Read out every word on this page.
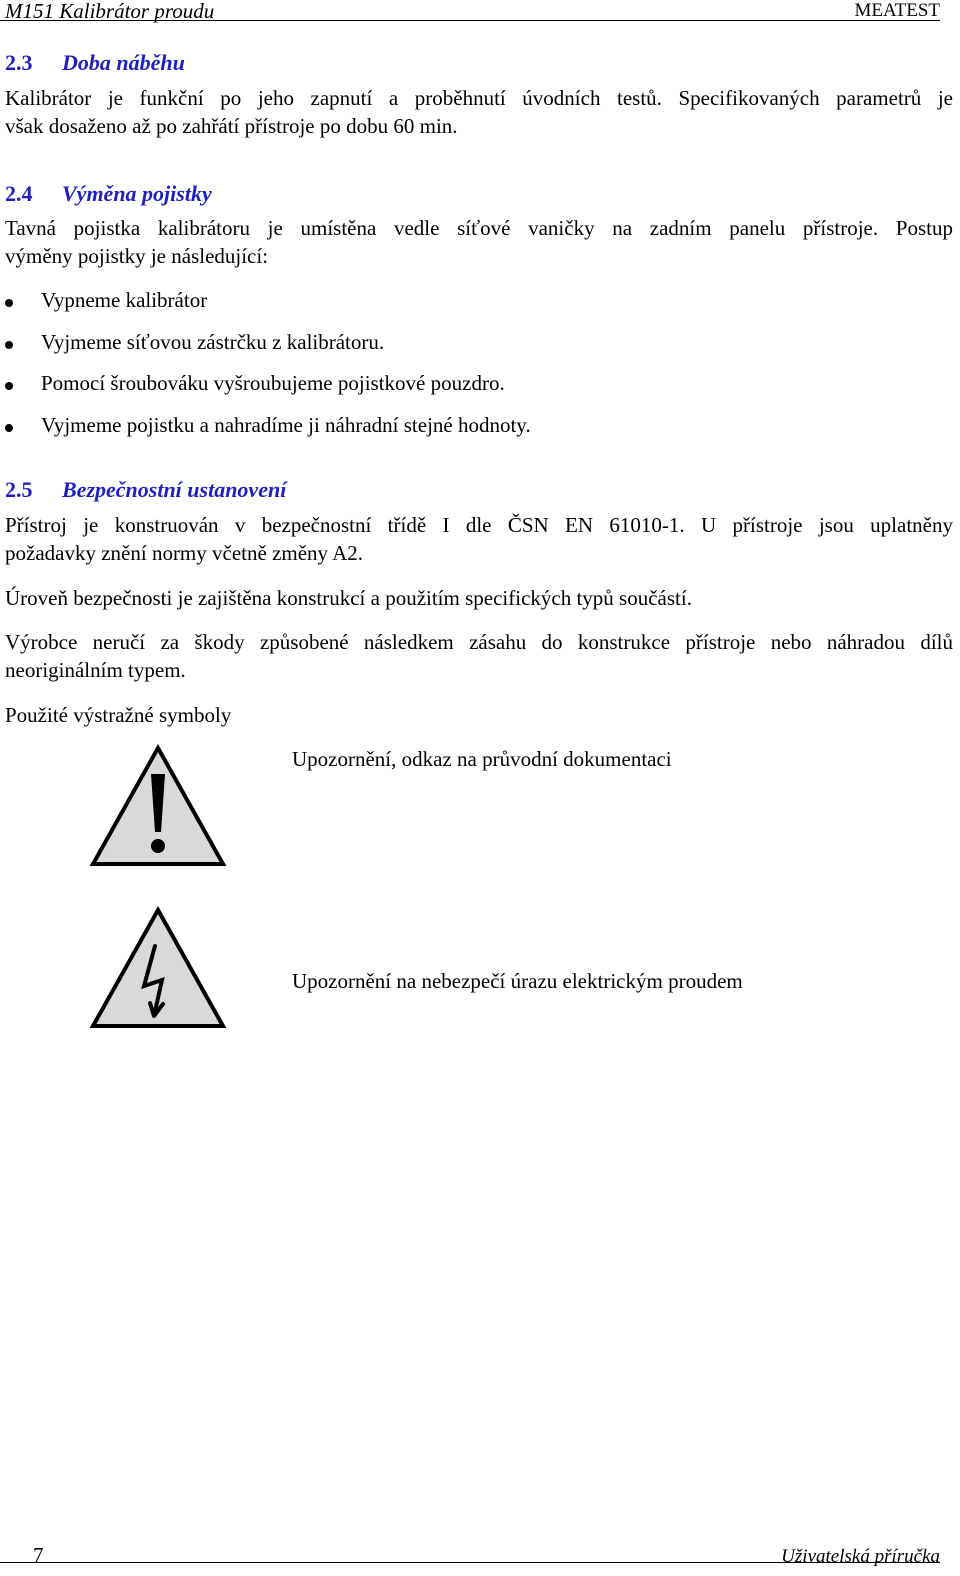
M151 Kalibrátor proudu	MEATEST
2.3 Doba náběhu
Kalibrátor je funkční po jeho zapnutí a proběhnutí úvodních testů. Specifikovaných parametrů je
však dosaženo až po zahřátí přístroje po dobu 60 min.
2.4 Výměna pojistky
Tavná pojistka kalibrátoru je umístěna vedle síťové vaničky na zadním panelu přístroje. Postup
výměny pojistky je následující:
Vypneme kalibrátor
Vyjmeme síťovou zástrčku z kalibrátoru.
Pomocí šroubováku vyšroubujeme pojistkové pouzdro.
Vyjmeme pojistku a nahradíme ji náhradní stejné hodnoty.
2.5 Bezpečnostní ustanovení
Přístroj je konstruován v bezpečnostní třídě I dle ČSN EN 61010-1. U přístroje jsou uplatněny
požadavky znění normy včetně změny A2.
Úroveň bezpečnosti je zajištěna konstrukcí a použitím specifických typů součástí.
Výrobce neručí za škody způsobené následkem zásahu do konstrukce přístroje nebo náhradou dílů
neoriginálním typem.
Použité výstražné symboly
Upozornění, odkaz na průvodní dokumentaci
Upozornění na nebezpečí úrazu elektrickým proudem
7	Uživatelská příručka
